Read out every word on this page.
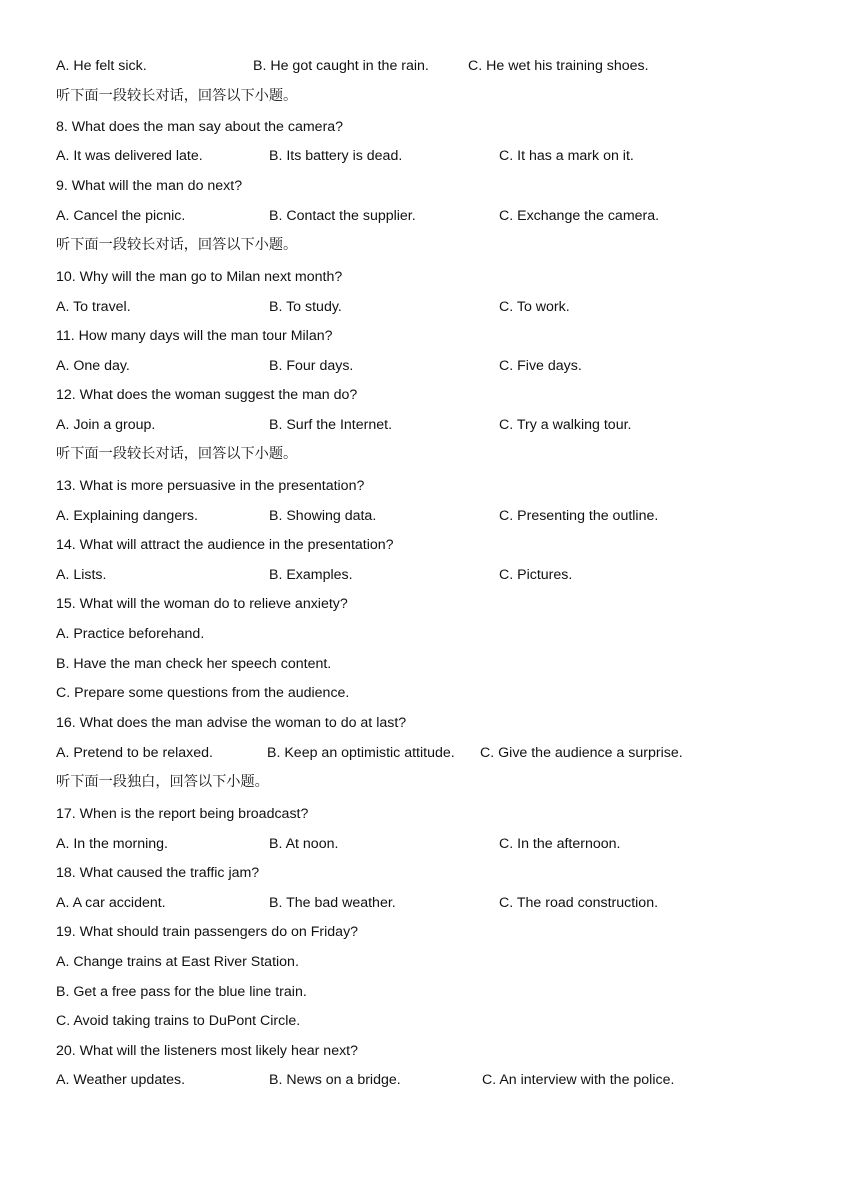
A. He felt sick.	B. He got caught in the rain.	C. He wet his training shoes.
听下面一段较长对话，回答以下小题。
8. What does the man say about the camera?
A. It was delivered late.	B. Its battery is dead.	C. It has a mark on it.
9. What will the man do next?
A. Cancel the picnic.	B. Contact the supplier.	C. Exchange the camera.
听下面一段较长对话，回答以下小题。
10. Why will the man go to Milan next month?
A. To travel.	B. To study.	C. To work.
11. How many days will the man tour Milan?
A. One day.	B. Four days.	C. Five days.
12. What does the woman suggest the man do?
A. Join a group.	B. Surf the Internet.	C. Try a walking tour.
听下面一段较长对话，回答以下小题。
13. What is more persuasive in the presentation?
A. Explaining dangers.	B. Showing data.	C. Presenting the outline.
14. What will attract the audience in the presentation?
A. Lists.	B. Examples.	C. Pictures.
15. What will the woman do to relieve anxiety?
A. Practice beforehand.
B. Have the man check her speech content.
C. Prepare some questions from the audience.
16. What does the man advise the woman to do at last?
A. Pretend to be relaxed.	B. Keep an optimistic attitude. C. Give the audience a surprise.
听下面一段独白，回答以下小题。
17. When is the report being broadcast?
A. In the morning.	B. At noon.	C. In the afternoon.
18. What caused the traffic jam?
A. A car accident.	B. The bad weather.	C. The road construction.
19. What should train passengers do on Friday?
A. Change trains at East River Station.
B. Get a free pass for the blue line train.
C. Avoid taking trains to DuPont Circle.
20. What will the listeners most likely hear next?
A. Weather updates.	B. News on a bridge.	C. An interview with the police.
